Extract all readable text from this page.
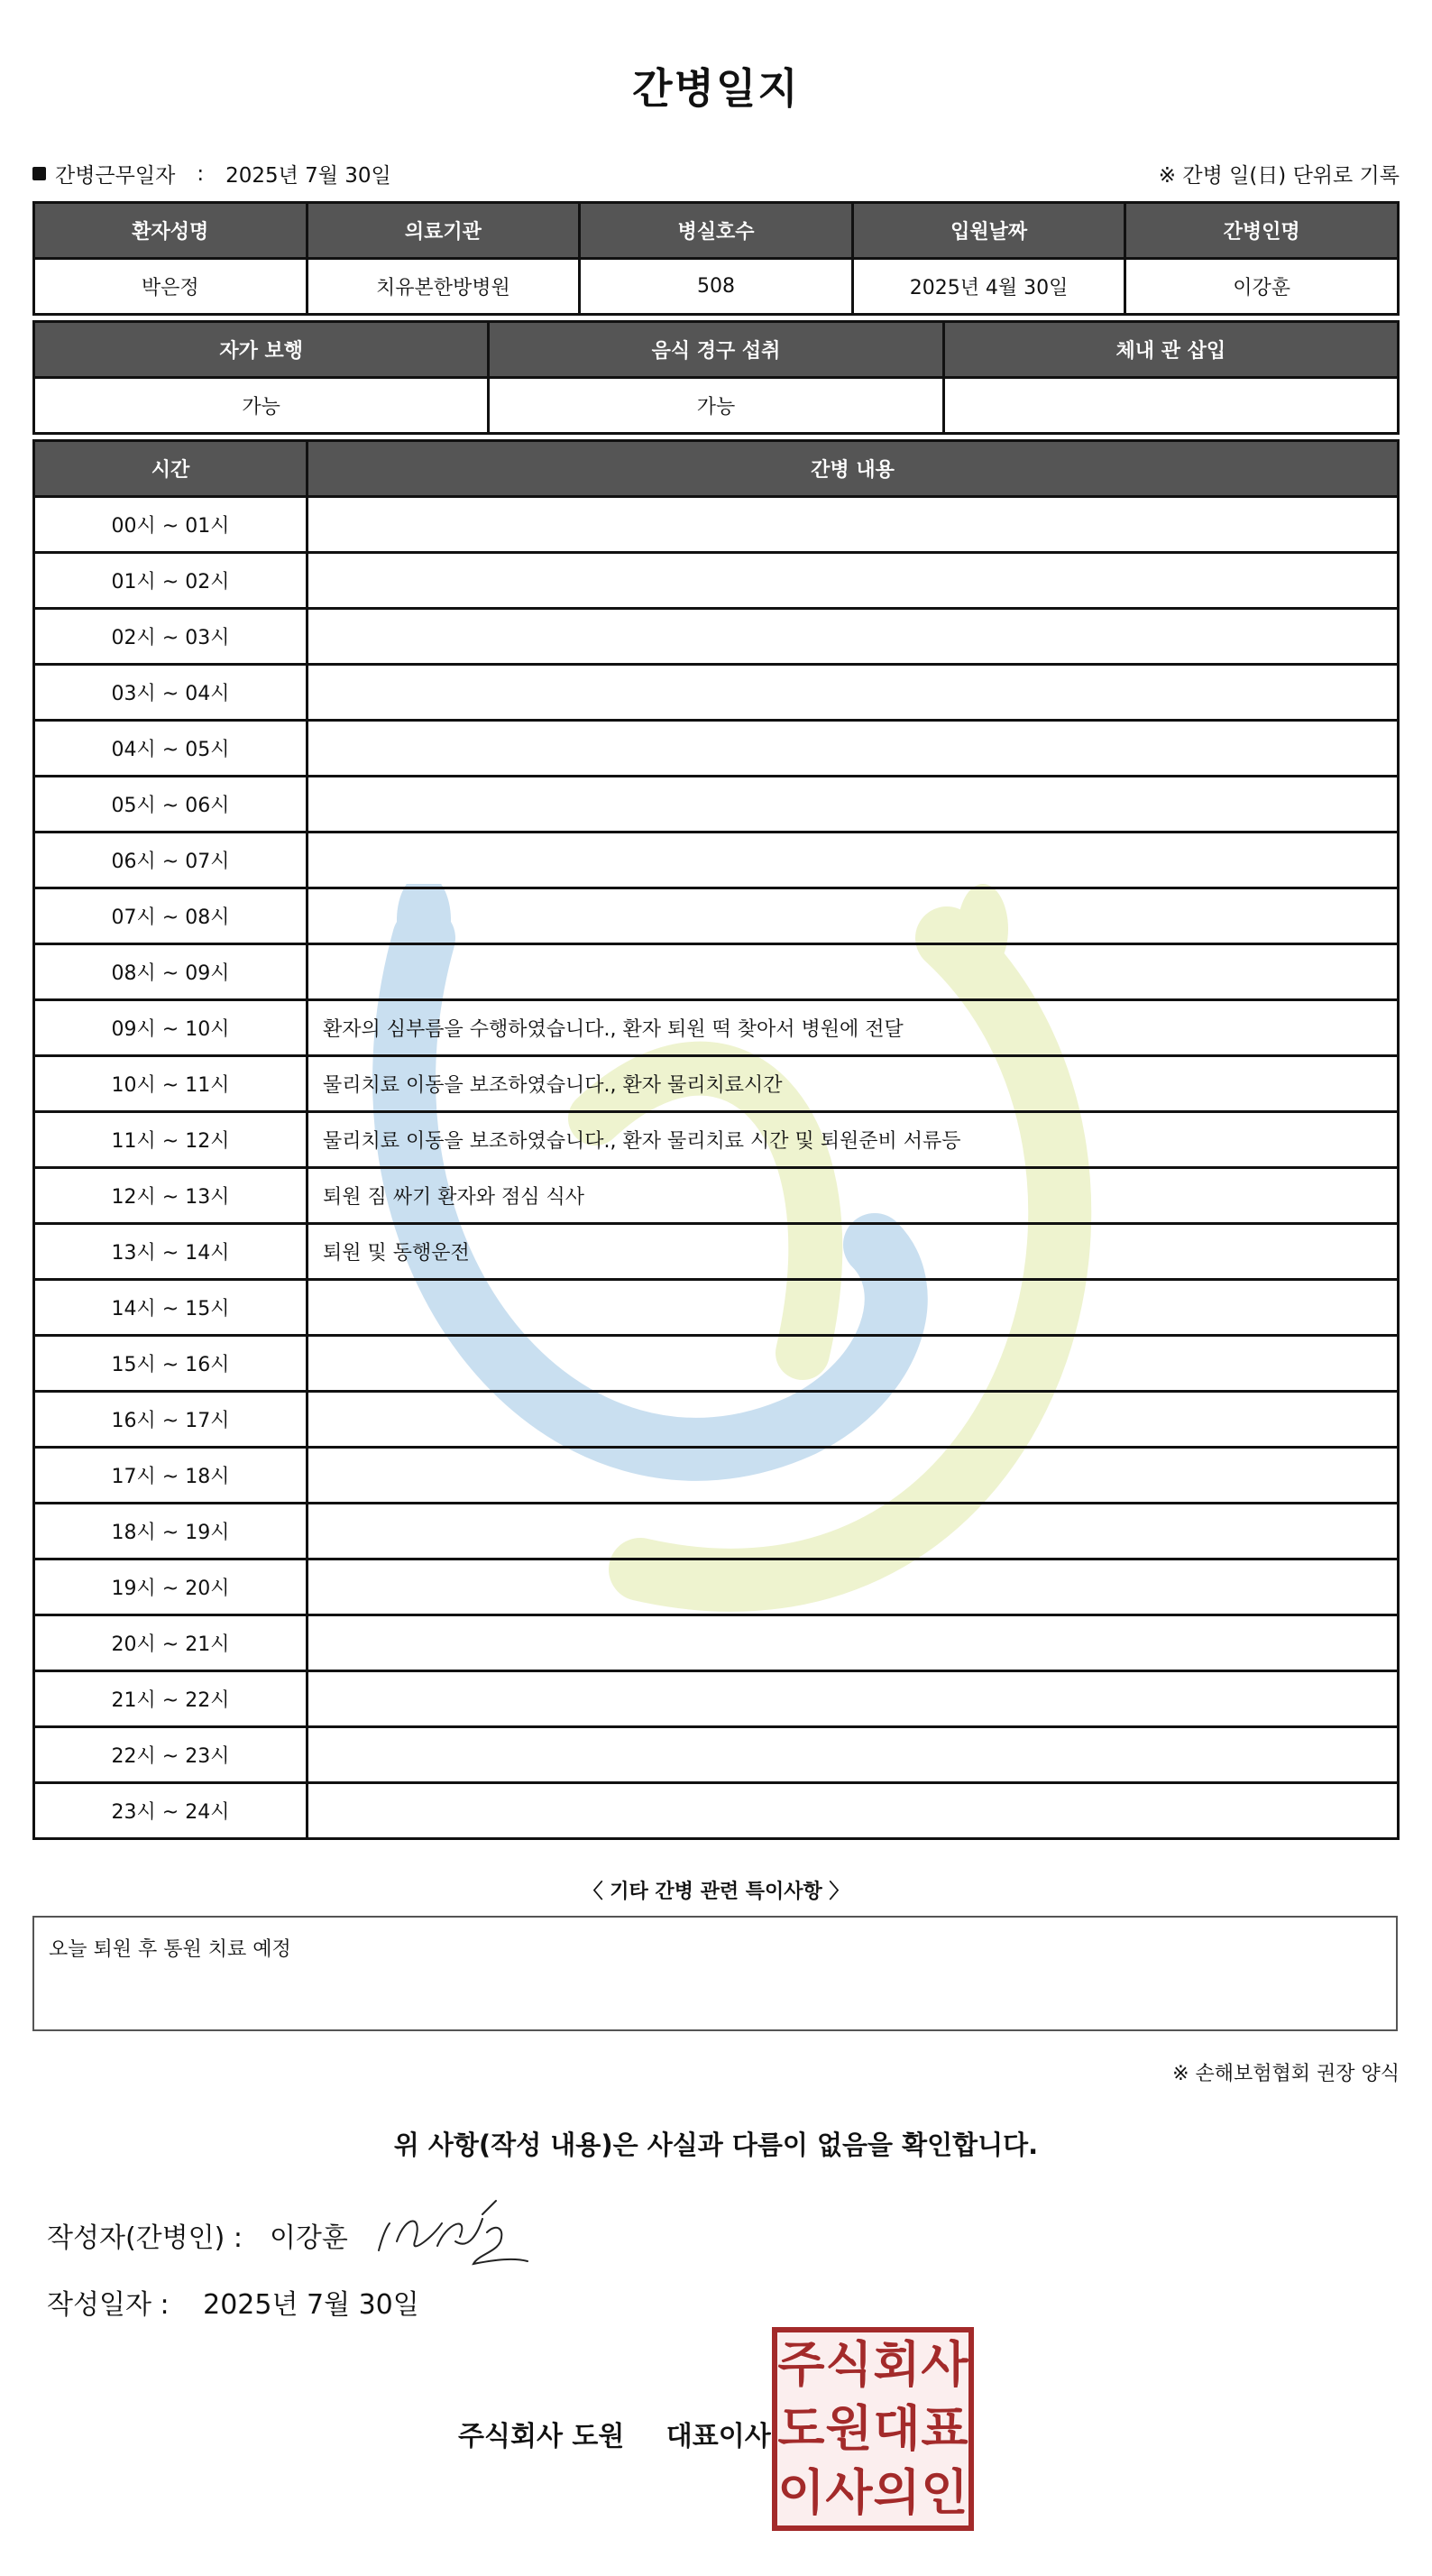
간병일지
간병근무일자 : 2025년 7월 30일	※ 간병 일(日) 단위로 기록
환자성명	의료기관	병실호수	입원날짜	간병인명
박은정	치유본한방병원	508	2025년 4월 30일	이강훈
자가 보행	음식 경구 섭취	체내 관 삽입
가능	가능	
시간	간병 내용
00시 ~ 01시	
01시 ~ 02시	
02시 ~ 03시	
03시 ~ 04시	
04시 ~ 05시	
05시 ~ 06시	
06시 ~ 07시	
07시 ~ 08시	
08시 ~ 09시	
09시 ~ 10시	환자의 심부름을 수행하였습니다., 환자 퇴원 떡 찾아서 병원에 전달
10시 ~ 11시	물리치료 이동을 보조하였습니다., 환자 물리치료시간
11시 ~ 12시	물리치료 이동을 보조하였습니다., 환자 물리치료 시간 및 퇴원준비 서류등
12시 ~ 13시	퇴원 짐 싸기 환자와 점심 식사
13시 ~ 14시	퇴원 및 동행운전
14시 ~ 15시	
15시 ~ 16시	
16시 ~ 17시	
17시 ~ 18시	
18시 ~ 19시	
19시 ~ 20시	
20시 ~ 21시	
21시 ~ 22시	
22시 ~ 23시	
23시 ~ 24시	
〈 기타 간병 관련 특이사항 〉
오늘 퇴원 후 통원 치료 예정
※ 손해보험협회 권장 양식
위 사항(작성 내용)은 사실과 다름이 없음을 확인합니다.
작성자(간병인) : 이강훈
작성일자 : 2025년 7월 30일
주식회사 도원 대표이사
주 식 회 사
도 원 대 표
이 사 의 인
